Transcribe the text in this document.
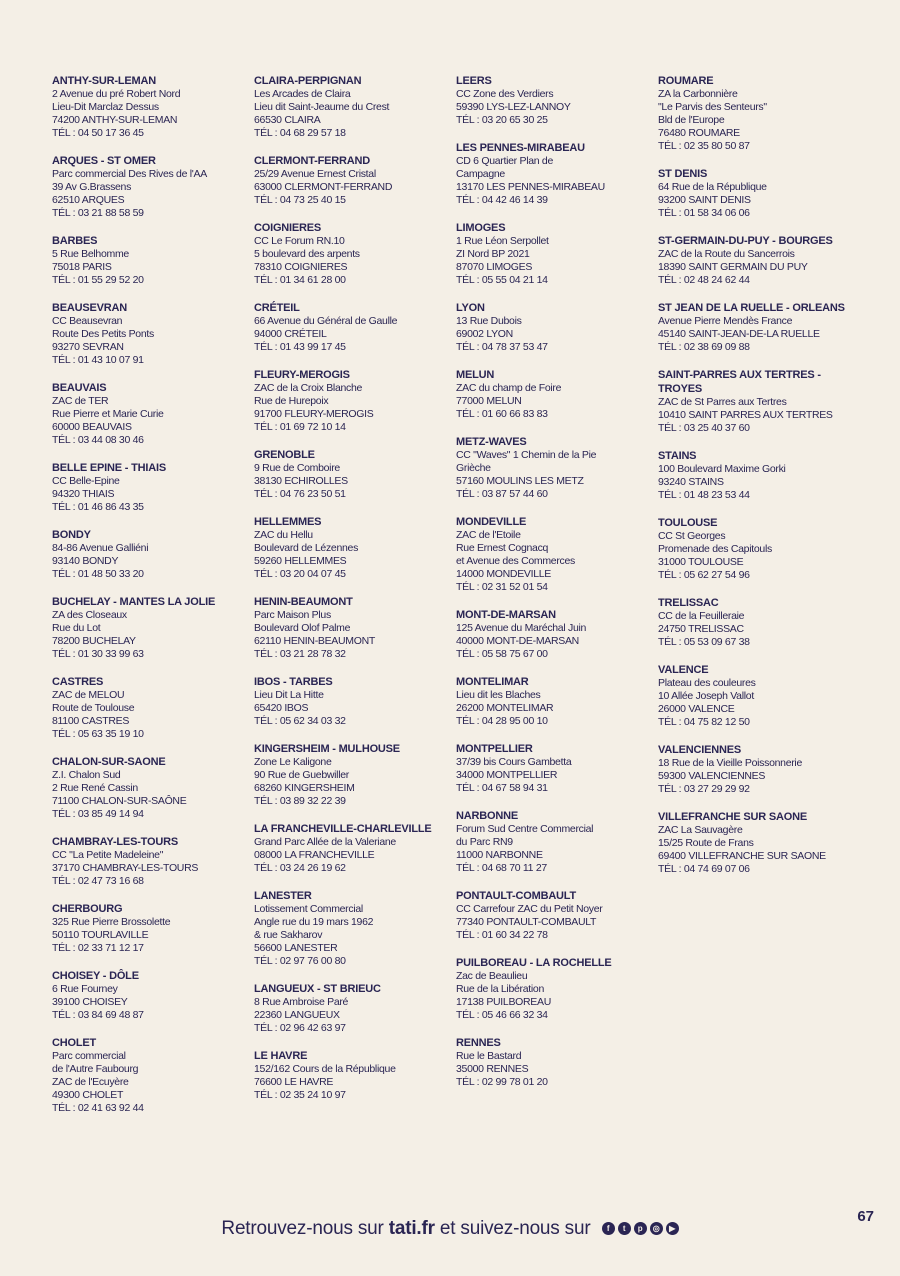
ANTHY-SUR-LEMAN
2 Avenue du pré Robert Nord
Lieu-Dit Marclaz Dessus
74200 ANTHY-SUR-LEMAN
TÉL : 04 50 17 36 45
ARQUES - ST OMER
Parc commercial Des Rives de l'AA
39 Av G.Brassens
62510 ARQUES
TÉL : 03 21 88 58 59
BARBES
5 Rue Belhomme
75018 PARIS
TÉL : 01 55 29 52 20
BEAUSEVRAN
CC Beausevran
Route Des Petits Ponts
93270 SEVRAN
TÉL : 01 43 10 07 91
BEAUVAIS
ZAC de TER
Rue Pierre et Marie Curie
60000 BEAUVAIS
TÉL : 03 44 08 30 46
BELLE EPINE - THIAIS
CC Belle-Epine
94320 THIAIS
TÉL : 01 46 86 43 35
BONDY
84-86 Avenue Galliéni
93140 BONDY
TÉL : 01 48 50 33 20
BUCHELAY - MANTES LA JOLIE
ZA des Closeaux
Rue du Lot
78200 BUCHELAY
TÉL : 01 30 33 99 63
CASTRES
ZAC de MELOU
Route de Toulouse
81100 CASTRES
TÉL : 05 63 35 19 10
CHALON-SUR-SAONE
Z.I. Chalon Sud
2 Rue René Cassin
71100 CHALON-SUR-SAÔNE
TÉL : 03 85 49 14 94
CHAMBRAY-LES-TOURS
CC "La Petite Madeleine"
37170 CHAMBRAY-LES-TOURS
TÉL : 02 47 73 16 68
CHERBOURG
325 Rue Pierre Brossolette
50110 TOURLAVILLE
TÉL : 02 33 71 12 17
CHOISEY - DÔLE
6 Rue Fourney
39100 CHOISEY
TÉL : 03 84 69 48 87
CHOLET
Parc commercial
de l'Autre Faubourg
ZAC de l'Ecuyère
49300 CHOLET
TÉL : 02 41 63 92 44
CLAIRA-PERPIGNAN
Les Arcades de Claira
Lieu dit Saint-Jeaume du Crest
66530 CLAIRA
TÉL : 04 68 29 57 18
CLERMONT-FERRAND
25/29 Avenue Ernest Cristal
63000 CLERMONT-FERRAND
TÉL : 04 73 25 40 15
COIGNIERES
CC Le Forum RN.10
5 boulevard des arpents
78310 COIGNIERES
TÉL : 01 34 61 28 00
CRÉTEIL
66 Avenue du Général de Gaulle
94000 CRÉTEIL
TÉL : 01 43 99 17 45
FLEURY-MEROGIS
ZAC de la Croix Blanche
Rue de Hurepoix
91700 FLEURY-MEROGIS
TÉL : 01 69 72 10 14
GRENOBLE
9 Rue de Comboire
38130 ECHIROLLES
TÉL : 04 76 23 50 51
HELLEMMES
ZAC du Hellu
Boulevard de Lézennes
59260 HELLEMMES
TÉL : 03 20 04 07 45
HENIN-BEAUMONT
Parc Maison Plus
Boulevard Olof Palme
62110 HENIN-BEAUMONT
TÉL : 03 21 28 78 32
IBOS - TARBES
Lieu Dit La Hitte
65420 IBOS
TÉL : 05 62 34 03 32
KINGERSHEIM - MULHOUSE
Zone Le Kaligone
90 Rue de Guebwiller
68260 KINGERSHEIM
TÉL : 03 89 32 22 39
LA FRANCHEVILLE-CHARLEVILLE
Grand Parc Allée de la Valeriane
08000 LA FRANCHEVILLE
TÉL : 03 24 26 19 62
LANESTER
Lotissement Commercial
Angle rue du 19 mars 1962
& rue Sakharov
56600 LANESTER
TÉL : 02 97 76 00 80
LANGUEUX - ST BRIEUC
8 Rue Ambroise Paré
22360 LANGUEUX
TÉL : 02 96 42 63 97
LE HAVRE
152/162 Cours de la République
76600 LE HAVRE
TÉL : 02 35 24 10 97
LEERS
CC Zone des Verdiers
59390 LYS-LEZ-LANNOY
TÉL : 03 20 65 30 25
LES PENNES-MIRABEAU
CD 6 Quartier Plan de
Campagne
13170 LES PENNES-MIRABEAU
TÉL : 04 42 46 14 39
LIMOGES
1 Rue Léon Serpollet
ZI Nord BP 2021
87070 LIMOGES
TÉL : 05 55 04 21 14
LYON
13 Rue Dubois
69002 LYON
TÉL : 04 78 37 53 47
MELUN
ZAC du champ de Foire
77000 MELUN
TÉL : 01 60 66 83 83
METZ-WAVES
CC "Waves" 1 Chemin de la Pie
Grièche
57160 MOULINS LES METZ
TÉL : 03 87 57 44 60
MONDEVILLE
ZAC de l'Etoile
Rue Ernest Cognacq
et Avenue des Commerces
14000 MONDEVILLE
TÉL : 02 31 52 01 54
MONT-DE-MARSAN
125 Avenue du Maréchal Juin
40000 MONT-DE-MARSAN
TÉL : 05 58 75 67 00
MONTELIMAR
Lieu dit les Blaches
26200 MONTELIMAR
TÉL : 04 28 95 00 10
MONTPELLIER
37/39 bis Cours Gambetta
34000 MONTPELLIER
TÉL : 04 67 58 94 31
NARBONNE
Forum Sud Centre Commercial
du Parc RN9
11000 NARBONNE
TÉL : 04 68 70 11 27
PONTAULT-COMBAULT
CC Carrefour ZAC du Petit Noyer
77340 PONTAULT-COMBAULT
TÉL : 01 60 34 22 78
PUILBOREAU - LA ROCHELLE
Zac de Beaulieu
Rue de la Libération
17138 PUILBOREAU
TÉL : 05 46 66 32 34
RENNES
Rue le Bastard
35000 RENNES
TÉL : 02 99 78 01 20
ROUMARE
ZA la Carbonnière
"Le Parvis des Senteurs"
Bld de l'Europe
76480 ROUMARE
TÉL : 02 35 80 50 87
ST DENIS
64 Rue de la République
93200 SAINT DENIS
TÉL : 01 58 34 06 06
ST-GERMAIN-DU-PUY - BOURGES
ZAC de la Route du Sancerrois
18390 SAINT GERMAIN DU PUY
TÉL : 02 48 24 62 44
ST JEAN DE LA RUELLE - ORLEANS
Avenue Pierre Mendès France
45140 SAINT-JEAN-DE-LA RUELLE
TÉL : 02 38 69 09 88
SAINT-PARRES AUX TERTRES - TROYES
ZAC de St Parres aux Tertres
10410 SAINT PARRES AUX TERTRES
TÉL : 03 25 40 37 60
STAINS
100 Boulevard Maxime Gorki
93240 STAINS
TÉL : 01 48 23 53 44
TOULOUSE
CC St Georges
Promenade des Capitouls
31000 TOULOUSE
TÉL : 05 62 27 54 96
TRELISSAC
CC de la Feuilleraie
24750 TRELISSAC
TÉL : 05 53 09 67 38
VALENCE
Plateau des couleures
10 Allée Joseph Vallot
26000 VALENCE
TÉL : 04 75 82 12 50
VALENCIENNES
18 Rue de la Vieille Poissonnerie
59300 VALENCIENNES
TÉL : 03 27 29 29 92
VILLEFRANCHE SUR SAONE
ZAC La Sauvagère
15/25 Route de Frans
69400 VILLEFRANCHE SUR SAONE
TÉL : 04 74 69 07 06
Retrouvez-nous sur tati.fr et suivez-nous sur	f	t	p	◎	▶
67
